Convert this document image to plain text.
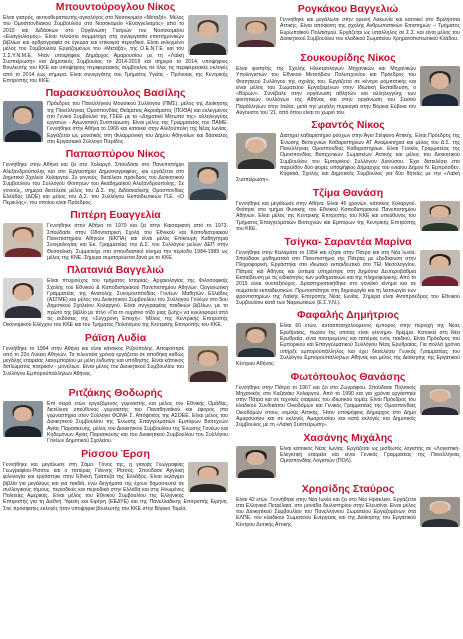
Μπουντούρογλου Νίκος

Είναι γιατρός, ακτινοθεραπευτής-ογκολόγος στο Νοσοκομείο «Μεταξά». Μέλος του Ομοσπονδιακού Συμβουλίου στο Νοσοκομείο «Ευαγγελισμός» από το 2010 και Διδάσκων στο Οργάνωση Γιατρών του Νοσοκομείου «Ευαγγελισμός». Είναι πλούσιο συμμετοχή στη συνεργασία επιστημονικών βιβλίων και αρθρογραφία σε έγκυρα και επίκαιρα περιοδικά. Είναι εκλεγμένο μέλος του Συμβουλίου Εργαζομένων του «Μεταξά», της Ο.Ε.Ν.Γ.Ε. και του Σ.Σ.Υ.Ν.Μ.Ε. Ήταν υποψήφιος Δημάρχος Αμαρουσίου με τη «Λαϊκή Συσπείρωση» και Δημοτικός Σύμβουλος το 2014-2019 και σήμερα το 2014, υποψήφιος Βουλευτής του ΚΚΕ και υποψήφιος περιφερειακός σύμβουλος σε όλες τις περιφερειακές εκλογές από το 2014 έως σήμερα. Είναι συνεργάτης του Τμήματος Υγείας - Πρόνοιας της Κεντρικής Επιτροπής του ΚΚΕ.

Παρασκευόπουλος Βασίλης

Πρόεδρος του Πανελλήνιου Μουσικού Συλλόγου (ΠΜΣ), μέλος της Διοίκησης της Πανελλήνιας Ομοσπονδίας Θεάματος Ακροάματος (ΠΟΘΑ) και εκλεγμένος στο Γενικό Συμβούλιο της ΓΣΕΕ με το «Δημοτικό Μέτωπο της» αλληλεγγύης εργατών - Αγωνιστική Συσπείρωση. Είναι μέλος της Γραμματείας του ΠΑΜΕ. Γεννήθηκε στην Αθήνα το 1966 και κατοικεί στην Αλεξούπολη της Νέας Ιωνίας. Εργάζεται ως μουσικός στη Φιλαρμονική του Δήμου Αθηναίων και δάσκαλος στο Εργασιακό Σύλλογο Πιερίδος.

Παπασπύρου Νίκος

Γεννήθηκε στην Αθήνα και ζει στο Χολαργό. Σπούδασε στο Πανεπιστήμιο Αλεξανδρούπολης και στο Εργαστήριο Δημοσιογραφίας, και εργάζεται στο Δημοτικό Σχολείο Χολαργού. Σε γονιούς, διετέλεσε πρόεδρος του Διοικητικού Συμβουλίου του Συλλόγου Φοιτητών του Ακαδημαϊκού Αλεξανδρούπολης. Σε γονιούς, σήμερα διετέλεσε μέλος του Δ.Σ. της Διδασκαλικής Ομοσπονδίας Ελλάδος (ΔΟΕ) και μέλος του Δ.Σ. του Συλλόγου Εκπαιδευτικών Π.Ε. «Ο Περικλής», του οποίου είναι Πρόεδρος.

Πιπέρη Ευαγγελία

Γεννήθηκε στην Αθήνα το 1970 και ζει στην Καισαριανή από το 1973. Σπούδασε στην Οδοντιατρική Σχολή του Εθνικού και Καποδιστριακού Πανεπιστημίου Αθηνών (ΕΚΠΑ) και είναι μέλος Επίκουρη Καθηγήτρια Σεισμολογίας και Εκ. Γραμματέας του Δ.Σ. του Συλλόγου μελών ΔΕΠ στην Θεσσαλική. Συμμετείχε στο σπουδαστικό κίνημα την περίοδο 1984-1989 ως μέλος της ΚΝΕ. Σήμερα συμπορεύεται ξανά με το ΚΚΕ.

Πλατανιά Βαγγελιώ

Είναι πτυχιούχος του τμήματος Ιστορίας- Αρχαιολογίας της Φιλοσοφικής Σχολής του Εθνικού & Καποδιστριακού Πανεπιστημίου Αθηνών. Οργανωτική Γραμματέας της Ανατολής Συνομοσπονδίας Γονέων Μαθητών Ελλάδος (ΑΣΓΜΕ) και μέλος του Διοικητικού Συμβουλίου του Συλλόγου Γονέων στο 5ου Δημοτικού Σχολείου Χολαργού. Είναι συγγραφέας παιδικών βιβλίων, με το πρώτο της βιβλίο με τίτλο «Για το ουράνιο τόξο μιας ζωής» να κυκλοφορεί από τις εκδόσεις της «Σύγχρονη Εποχή». Μέλος της Κεντρικής Επιτροπής Οικονομικού Ελέγχου του ΚΚΕ και του Τμήματος Πολιτισμού της Κεντρικής Επιτροπής του ΚΚΕ.

Ράϊση Λυδία

Γεννήθηκε το 1994 στην Αθήνα και είναι κάτοικος Ριζούπολης. Αποφοίτησε από το 22ο Λύκειο Αθηνών. Τα τελευταία χρόνια εργάζεται σε αποθήκη καθώς μεγάλης εταιρείας λιανεμπορίου με μέλη ένδυσης και υπόδησης. Είναι κάτοικος διπλώματος πατρικόν - μονέλιων. Είναι μέλος του Διοικητικού Συμβουλίου του Συλλόγου Εμποροϋπαλλήλων Αθήνας.

Ριτζάκης Θοδωρής

Επί σειρά ετών εργαζόμενος γυμναστής και μέλος του Εθνικής Ομάδας, διετέλεσε υπεύθυνος γυμναστής του Παναθηναϊκού και έφορος στα γυμναστήρια στον Σύλλογο ΦΩΝΗ Σ. Απόφοιτος της ΑΣΟΕΕ. Είναι μέλος του Διοικητικού Συμβουλίου της Ένωσης Επαγγελματιών Εμπόρων Βιοτεχνών Αγίας Παρασκευής, μέλος του Διοικητικού Συμβουλίου της Ένωσης Γονέων και Κηδεμόνων Αγίας Παρασκευής και του Διοικητικού Συμβουλίου του Συλλόγου Γονέων Δημοτικού Σχολείου.

Ρίσσου Έρση

Γεννήθηκε και μεγάλωσε στη Σάμο. Γόνος της, η γιαγιάς Γεωγραφίας Γεωγραφίου-Ρίσσου και ο πατέρας Γιάννης Ρίσσος. Σπούδασε Αγγλική φιλολογία και εργάστηκε στην Εθνική Τράπεζα της Ελλάδος. Είναι εκλόγιμο βιβλία για μεγάλους και για παιδιά, ενώ διηγήματα της έχουν δημοσιευτεί σε συλλογικούς τόμους, περιοδικές και περιοδικά στην Ελλάδα και στις Ηνωμένες Πολιτείες Αμερικής. Είναι μέλος του Εθνικού Συμβουλίου της Ελληνικής Επιτροπής για τη Διεθνή Ύφεση και Ειρήνη (ΕΕΔΥΕ) και της Πανελλαδικής Επιτροπής Ειρήνη. Στις πρόσφατες εκλογές ήταν υποψήφια βουλευτής του ΚΚΕ στην Βόρειο Τομέα.

Ρογκάκου Βαγγελιώ

Γεννήθηκε και μεγάλωσε στην ορεινή Λακωνία και κατοικεί στο Βριλήσσια Αττικής. Είναι απόφοιτη της σχολής Ανθρωπιστικών Επιστημών – Τμήματος Ευρωπαϊκού Πολιτισμού. Εργάζεται ως υπάλληλος σε Σ.Σ. και είναι μέλος του Διοικητικού Συμβουλίου του κλαδικού Σωματείου Χρηματοπιστωτικού Κλάδου.

Σουκουρίδης Νίκος

Είναι φοιτητής της Σχολής Ηλεκτρολόγων Μηχανικών και Μηχανικών Υπολογιστών του Εθνικού Μετσόβιου Πολυτεχνείου και Πρόεδρος του Φοιτητικού Συλλόγου της σχολής του. Εργάζεται σε κέντρο ρομποτικής και είναι μέλος του Σωματείου Εργαζομένων στην Ιδιωτική Εκπαίδευση, ο «Βύρων». Συνέβαλε στην οργάνωση αθλητών και αλληλεγγύης των φοιτητικών συλλόγων της Αθήνας και στην οργάνωση του Σεισού Παράλληλων στην Ιταλία, μετά την μεγάλη πυρκαγιά στην Βόρεια Εύβοια τον Αύγουστο του '21, από όπου είναι το χωριό του.

Σφαντός Νίκος

Διατηρεί καθαριστήριο ρούχων στην Άγιο Στέφανο Αττικής. Είναι Πρόεδρος της Ένωσης Βιοτεχνιών Καθαριστηρίων ΑΤ Αναψυκτήρια και μέλος του Δ.Σ. της Πανελλήνιας Ομοσπονδίας Καθαριστηρίων. Είναι Γενικός Γραμματέας της Ομοσπονδίας Βιοτεχνικών Σωματείων Αττικής και μέλος του Διοικητικού Συμβουλίου του Εμπορικού Συλλόγου Διονύσου. Έχει διατελέσει στο παρελθόν δύο φορές υποψήφιος Δήμαρχος του ενιαίου Δήμου Ν. Εμπρόσθεν, Κηφισιά, Σχολής και Δημοτικός Σύμβουλος για δύο θητείες με την «Λαϊκή Συσπείρωση».

Τζίμα Θανάση

Γεννήθηκε και μεγάλωσε στην Αθήνα. Είναι 46 χρονών, κάτοικος Χολαργού. Φοίτησε στο τμήμα Φυσικής του Εθνικού Καποδιστριακού Πανεπιστημίου Αθηνών. Είναι μέλος της Κεντρικής Επιτροπής του ΚΚΕ και υπεύθυνος του Τμήματος Επαγγελματιών Βιοτεχνών και Εμπόρων της Κεντρικής Επιτροπής του ΚΚΕ.

Τσίγκα- Σαραντέα Μαρίνα

Γεννήθηκε στην Καλαμάτα το 1954 και έζησε στην Πάτρα και στη Νέα Ιωνία. Σπούδασε μαθηματικά στο Πανεπιστήμιο της Πάτρας με εξειδίκευση στην Πληροφορική. Εργάστηκε στο ιδιωτικό εκπαιδευτικό στο ΤΕΙ Μεσολογγίου, Πάτρας και Αθήνας και ύστερα υπηρέτησε στη Δημόσια Δευτεροβάθμια Εκπαίδευση με τις ειδικότητες των μαθηματικών και της πληροφορικής. Από το 2015 είναι συνταξιούχος. Δραστηριοποιήθηκε στο γονεϊκό κίνημα και σε σωματεία εκπαιδευτικών. Πρωτοστάτησε στη δημιουργία και τη λειτουργία των φροντιστηρίων της Λαϊκής Επιτροπής Νέας Ιωνίας. Σήμερα είναι Αντιπρόεδρος του Εθνικού Συμβουλίου κατά των Ναρκωτικών (Ε.Σ.Υ.Ν.).

Φαφαλής Δημήτριος

Είναι 60 ετών, αυτοαπασχολούμενος έμπορος στην περιοχή της Νέας Ερυθραίας, περίου της οποίας είναι γέννημα- θρέμμα. Κατοικεί στη Νέα Ερυθραία, είναι παντρεμένος και πατέρας ενός παιδιού. Είναι Πρόεδρος του Εμπορικού και Επαγγελματικού Συλλόγου Νέας Ερυθραίας. Για πολλά χρόνια υπήρξε εμποροϋπάλληλος και έχει διατελέσει Γενικός Γραμματέας του Συλλόγου Εμποροϋπαλλήλων Αθήνας και μέλος της Διοίκησης της Εργατικού Κέντρου Αθήνας.

Φωτόπουλος Θανάσης

Γεννήθηκε στην Πάτρα το 1967 και ζει στο Ζωγράφου. Σπούδασε Πολιτικός Μηχανικός στο Καζανάκι Χολαργού. Από το 1990 και για χρόνια εργάστηκε στην Πάτρα και σε τεχνικές εταιρείες του ιδιωτικού τομέα. Είναι Πρόεδρος του κλαδικού Συνδικάτου Οικοδόμων και Γενικός Γραμματέας της Ομοσπονδίας Οικοδόμων στους νομούς Αττικής. Ήταν υποψήφιος Δήμαρχος στο Δήμο Αμαρουσίου και σε εκλογές Αμαρουσίου και κατά εκλογές και Δημοτικός Σύμβουλος με τη «Λαϊκή Συσπείρωση».

Χασάνης Μιχάλης

Είναι κάτοικος Νέας Ιωνίας. Εργάζεται ως μισθωτός λογιστής σε «Λογιστική-Ελεγκτική εταιρεία και είναι Γενικός Γραμματέας της Πανελλήνιας Ομοσπονδίας Λογιστών (ΠΟΛ).

Χρησίδης Σταύρος

Είναι 42 ετών. Γεννήθηκε στην Νέα Ιωνία και ζει στο Νέο Ηράκλειο. Εργάζεται στα Ελληνικά Πετρέλαια, στο μονάδα διυλιστηρίου στην Ελευσίνα. Είναι μέλος του Διοικητικού Συμβουλίου του Πανελλήνιου Σωματείου Εργαζομένων στα ΕΛΠΕ, του κλαδικού Σωματείου Ενέργειας και της Διοίκησης του Εργατικού Κέντρου Δυτικής Αττικής.
